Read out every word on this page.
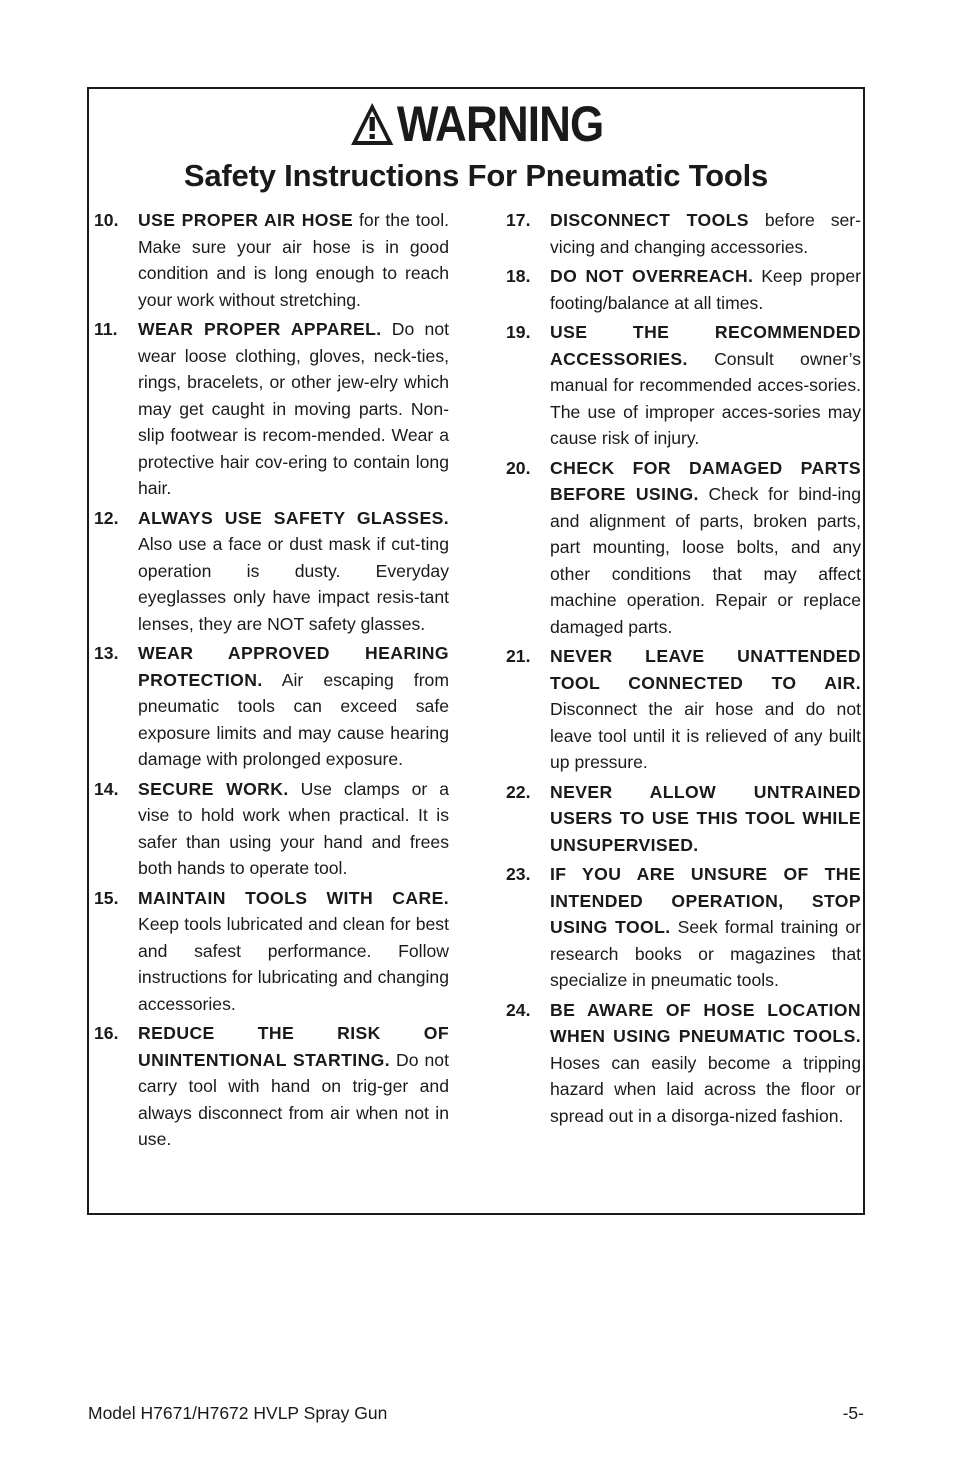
WARNING
Safety Instructions For Pneumatic Tools
10.	USE PROPER AIR HOSE for the tool. Make sure your air hose is in good condition and is long enough to reach your work without stretching.
11.	WEAR PROPER APPAREL. Do not wear loose clothing, gloves, neck-ties, rings, bracelets, or other jew-elry which may get caught in moving parts. Non-slip footwear is recom-mended. Wear a protective hair cov-ering to contain long hair.
12.	ALWAYS USE SAFETY GLASSES. Also use a face or dust mask if cut-ting operation is dusty. Everyday eyeglasses only have impact resis-tant lenses, they are NOT safety glasses.
13.	WEAR APPROVED HEARING PROTECTION. Air escaping from pneumatic tools can exceed safe exposure limits and may cause hearing damage with prolonged exposure.
14.	SECURE WORK. Use clamps or a vise to hold work when practical. It is safer than using your hand and frees both hands to operate tool.
15.	MAINTAIN TOOLS WITH CARE. Keep tools lubricated and clean for best and safest performance. Follow instructions for lubricating and changing accessories.
16.	REDUCE THE RISK OF UNINTENTIONAL STARTING. Do not carry tool with hand on trig-ger and always disconnect from air when not in use.
17.	DISCONNECT TOOLS before ser-vicing and changing accessories.
18.	DO NOT OVERREACH. Keep proper footing/balance at all times.
19.	USE THE RECOMMENDED ACCESSORIES. Consult owner’s manual for recommended acces-sories. The use of improper acces-sories may cause risk of injury.
20.	CHECK FOR DAMAGED PARTS BEFORE USING. Check for bind-ing and alignment of parts, broken parts, part mounting, loose bolts, and any other conditions that may affect machine operation. Repair or replace damaged parts.
21.	NEVER LEAVE UNATTENDED TOOL CONNECTED TO AIR. Disconnect the air hose and do not leave tool until it is relieved of any built up pressure.
22.	NEVER ALLOW UNTRAINED USERS TO USE THIS TOOL WHILE UNSUPERVISED.
23.	IF YOU ARE UNSURE OF THE INTENDED OPERATION, STOP USING TOOL. Seek formal training or research books or magazines that specialize in pneumatic tools.
24.	BE AWARE OF HOSE LOCATION WHEN USING PNEUMATIC TOOLS. Hoses can easily become a tripping hazard when laid across the floor or spread out in a disorga-nized fashion.
Model H7671/H7672 HVLP Spray Gun	-5-
